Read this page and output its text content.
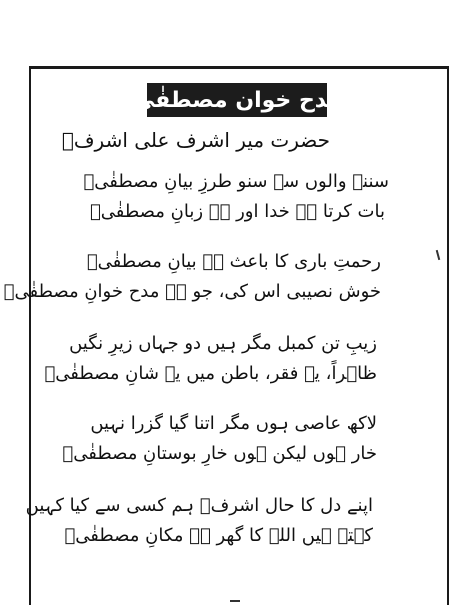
مدح خوان مصطفٰی
حضرت میر اشرف علی اشرفؒ
سننے والوں سے سنو طرزِ بیانِ مصطفٰیؐ
بات کرتا ہے خدا اور ہے زبانِ مصطفٰیؐ
رحمتِ باری کا باعث ہے بیانِ مصطفٰیؐ
خوش نصیبی اس کی، جو ہے مدح خوانِ مصطفٰیؐ
زیبِ تن کمبل مگر ہیں دو جہاں زیرِ نگیں
ظاہراً، یہ فقر، باطن میں یہ شانِ مصطفٰیؐ
لاکھ عاصی ہوں مگر اتنا گیا گزرا نہیں
خار ہوں لیکن ہوں خارِ بوستانِ مصطفٰیؐ
اپنے دل کا حال اشرفؔ ہم کسی سے کیا کہیں
کہتے ہیں اللہ کا گھر ہے مکانِ مصطفٰیؐ
